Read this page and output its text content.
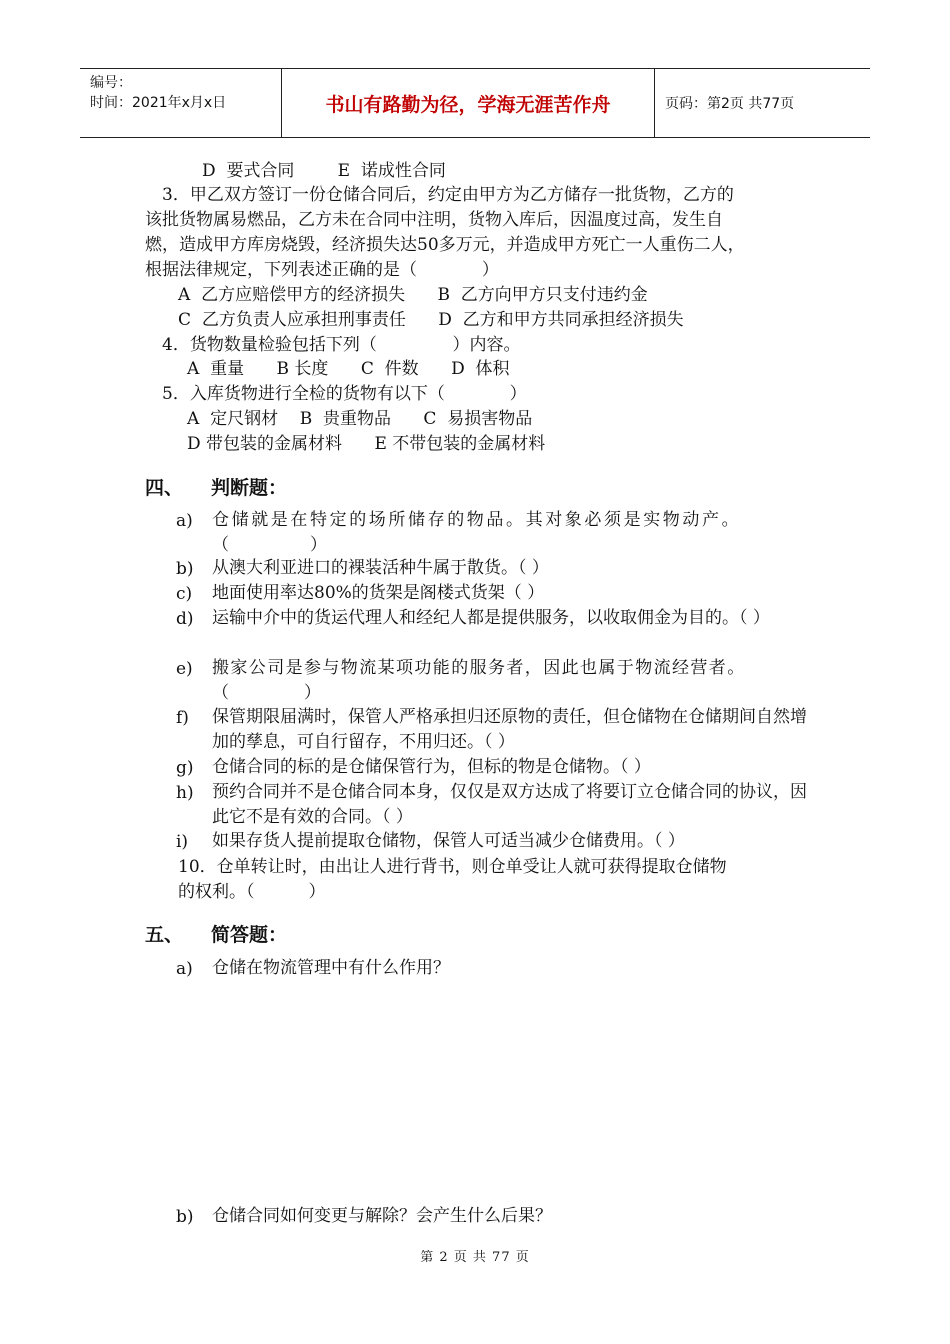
编号：
时间：2021年x月x日	书山有路勤为径，学海无涯苦作舟	页码：第2页 共77页
D  要式合同        E  诺成性合同
3．甲乙双方签订一份仓储合同后，约定由甲方为乙方储存一批货物，乙方的
该批货物属易燃品，乙方未在合同中注明，货物入库后，因温度过高，发生自
燃，造成甲方库房烧毁，经济损失达50多万元，并造成甲方死亡一人重伤二人，
根据法律规定，下列表述正确的是（            ）
A  乙方应赔偿甲方的经济损失      B  乙方向甲方只支付违约金
C  乙方负责人应承担刑事责任      D  乙方和甲方共同承担经济损失
4．货物数量检验包括下列（              ）内容。
A  重量      B 长度      C  件数      D  体积
5．入库货物进行全检的货物有以下（            ）
A  定尺钢材    B  贵重物品      C  易损害物品
D 带包装的金属材料      E 不带包装的金属材料
四、 判断题：
a)	仓储就是在特定的场所储存的物品。其对象必须是实物动产。（　　　　）
b)	从澳大利亚进口的裸装活种牛属于散货。（ ）
c)	地面使用率达80%的货架是阁楼式货架（ ）
d)	运输中介中的货运代理人和经纪人都是提供服务，以收取佣金为目的。（ ）
e)	搬家公司是参与物流某项功能的服务者，因此也属于物流经营者。（　　　　）
f)	保管期限届满时，保管人严格承担归还原物的责任，但仓储物在仓储期间自然增加的孳息，可自行留存，不用归还。（ ）
g)	仓储合同的标的是仓储保管行为，但标的物是仓储物。（ ）
h)	预约合同并不是仓储合同本身，仅仅是双方达成了将要订立仓储合同的协议，因此它不是有效的合同。（ ）
i)	如果存货人提前提取仓储物，保管人可适当减少仓储费用。（ ）
10．仓单转让时，由出让人进行背书，则仓单受让人就可获得提取仓储物
的权利。（          ）
五、 简答题：
a)	仓储在物流管理中有什么作用？
b)	仓储合同如何变更与解除？会产生什么后果？
第 2 页 共 77 页
